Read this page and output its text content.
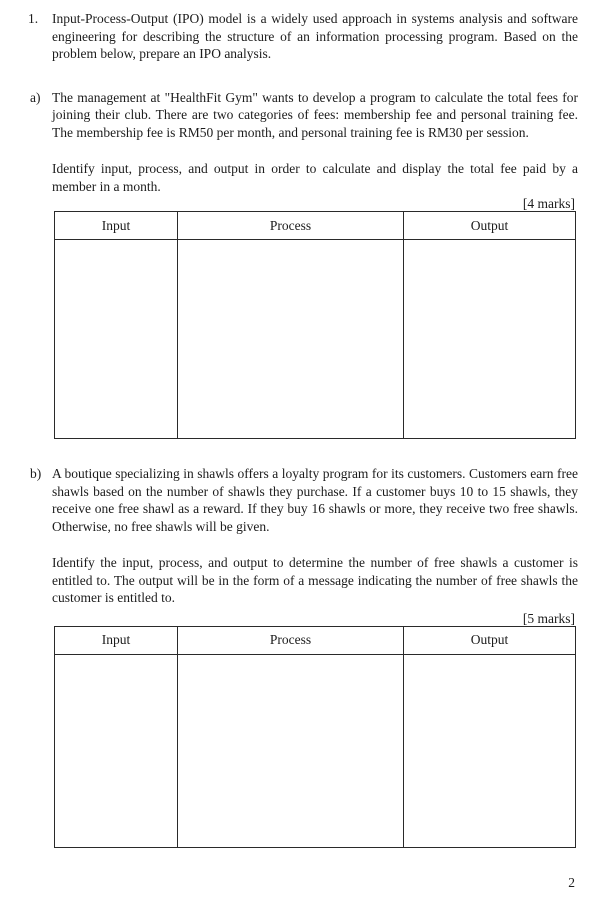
1.	Input-Process-Output (IPO) model is a widely used approach in systems analysis and software engineering for describing the structure of an information processing program. Based on the problem below, prepare an IPO analysis.
a) The management at "HealthFit Gym" wants to develop a program to calculate the total fees for joining their club. There are two categories of fees: membership fee and personal training fee. The membership fee is RM50 per month, and personal training fee is RM30 per session.

Identify input, process, and output in order to calculate and display the total fee paid by a member in a month.

[4 marks]
Input	Process	Output

b) A boutique specializing in shawls offers a loyalty program for its customers. Customers earn free shawls based on the number of shawls they purchase. If a customer buys 10 to 15 shawls, they receive one free shawl as a reward. If they buy 16 shawls or more, they receive two free shawls. Otherwise, no free shawls will be given.

Identify the input, process, and output to determine the number of free shawls a customer is entitled to. The output will be in the form of a message indicating the number of free shawls the customer is entitled to.

[5 marks]
Input	Process	Output

2
